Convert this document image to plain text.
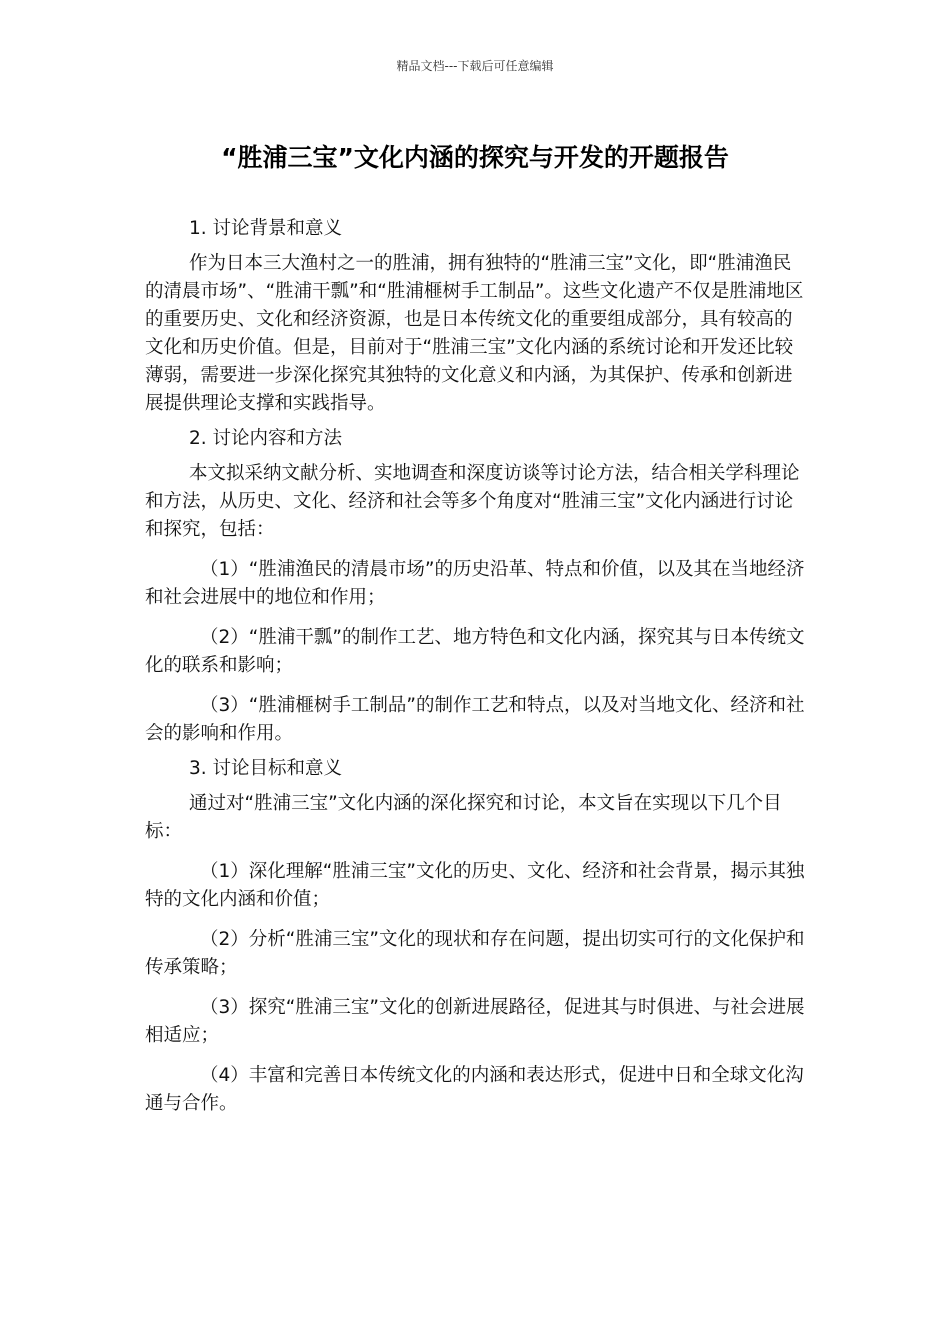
精品文档---下载后可任意编辑
“胜浦三宝”文化内涵的探究与开发的开题报告

1. 讨论背景和意义

作为日本三大渔村之一的胜浦，拥有独特的“胜浦三宝”文化，即“胜浦渔民的清晨市场”、“胜浦干瓢”和“胜浦榧树手工制品”。这些文化遗产不仅是胜浦地区的重要历史、文化和经济资源，也是日本传统文化的重要组成部分，具有较高的文化和历史价值。但是，目前对于“胜浦三宝”文化内涵的系统讨论和开发还比较薄弱，需要进一步深化探究其独特的文化意义和内涵，为其保护、传承和创新进展提供理论支撑和实践指导。

2. 讨论内容和方法

本文拟采纳文献分析、实地调查和深度访谈等讨论方法，结合相关学科理论和方法，从历史、文化、经济和社会等多个角度对“胜浦三宝”文化内涵进行讨论和探究，包括：

（1）“胜浦渔民的清晨市场”的历史沿革、特点和价值，以及其在当地经济和社会进展中的地位和作用；

（2）“胜浦干瓢”的制作工艺、地方特色和文化内涵，探究其与日本传统文化的联系和影响；

（3）“胜浦榧树手工制品”的制作工艺和特点，以及对当地文化、经济和社会的影响和作用。

3. 讨论目标和意义

通过对“胜浦三宝”文化内涵的深化探究和讨论，本文旨在实现以下几个目标：

（1）深化理解“胜浦三宝”文化的历史、文化、经济和社会背景，揭示其独特的文化内涵和价值；

（2）分析“胜浦三宝”文化的现状和存在问题，提出切实可行的文化保护和传承策略；

（3）探究“胜浦三宝”文化的创新进展路径，促进其与时俱进、与社会进展相适应；

（4）丰富和完善日本传统文化的内涵和表达形式，促进中日和全球文化沟通与合作。
